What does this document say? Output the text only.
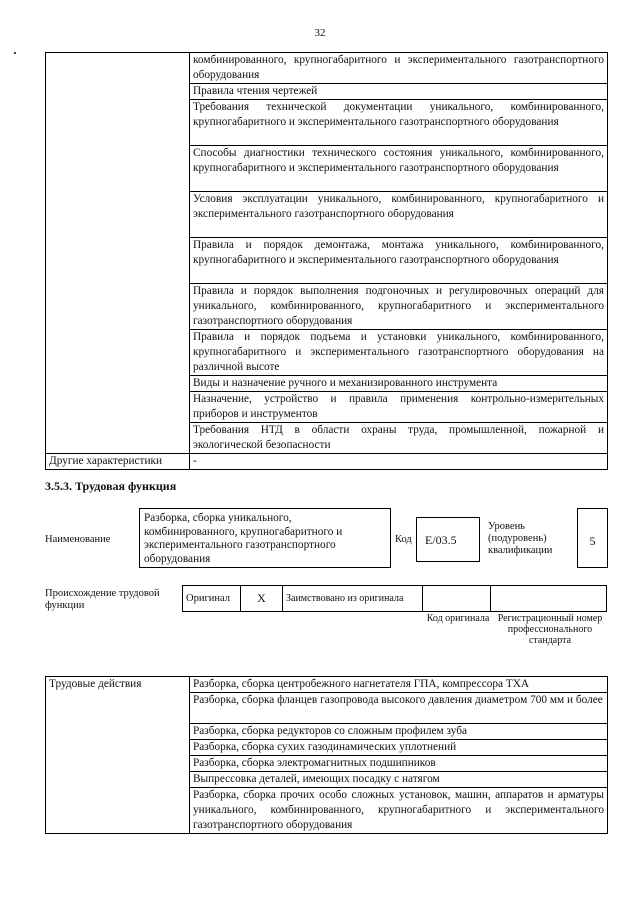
32
	комбинированного, крупногабаритного и экспериментального газотранспортного оборудования
	Правила чтения чертежей
	Требования технической документации уникального, комбинированного, крупногабаритного и экспериментального газотранспортного оборудования
	Способы диагностики технического состояния уникального, комбинированного, крупногабаритного и экспериментального газотранспортного оборудования
	Условия эксплуатации уникального, комбинированного, крупногабаритного и экспериментального газотранспортного оборудования
	Правила и порядок демонтажа, монтажа уникального, комбинированного, крупногабаритного и экспериментального газотранспортного оборудования
	Правила и порядок выполнения подгоночных и регулировочных операций для уникального, комбинированного, крупногабаритного и экспериментального газотранспортного оборудования
	Правила и порядок подъема и установки уникального, комбинированного, крупногабаритного и экспериментального газотранспортного оборудования на различной высоте
	Виды и назначение ручного и механизированного инструмента
	Назначение, устройство и правила применения контрольно-измерительных приборов и инструментов
	Требования НТД в области охраны труда, промышленной, пожарной и экологической безопасности
Другие характеристики	-
3.5.3. Трудовая функция
Наименование
Разборка, сборка уникального, комбинированного, крупногабаритного и экспериментального газотранспортного оборудования
Код	E/03.5
Уровень (подуровень) квалификации
5
Происхождение трудовой функции
Оригинал	X	Заимствовано из оригинала		
Код оригинала Регистрационный номер профессионального стандарта
Трудовые действия	Разборка, сборка центробежного нагнетателя ГПА, компрессора ТХА
Разборка, сборка фланцев газопровода высокого давления диаметром 700 мм и более
Разборка, сборка редукторов со сложным профилем зуба
Разборка, сборка сухих газодинамических уплотнений
Разборка, сборка электромагнитных подшипников
Выпрессовка деталей, имеющих посадку с натягом
Разборка, сборка прочих особо сложных установок, машин, аппаратов и арматуры уникального, комбинированного, крупногабаритного и экспериментального газотранспортного оборудования
